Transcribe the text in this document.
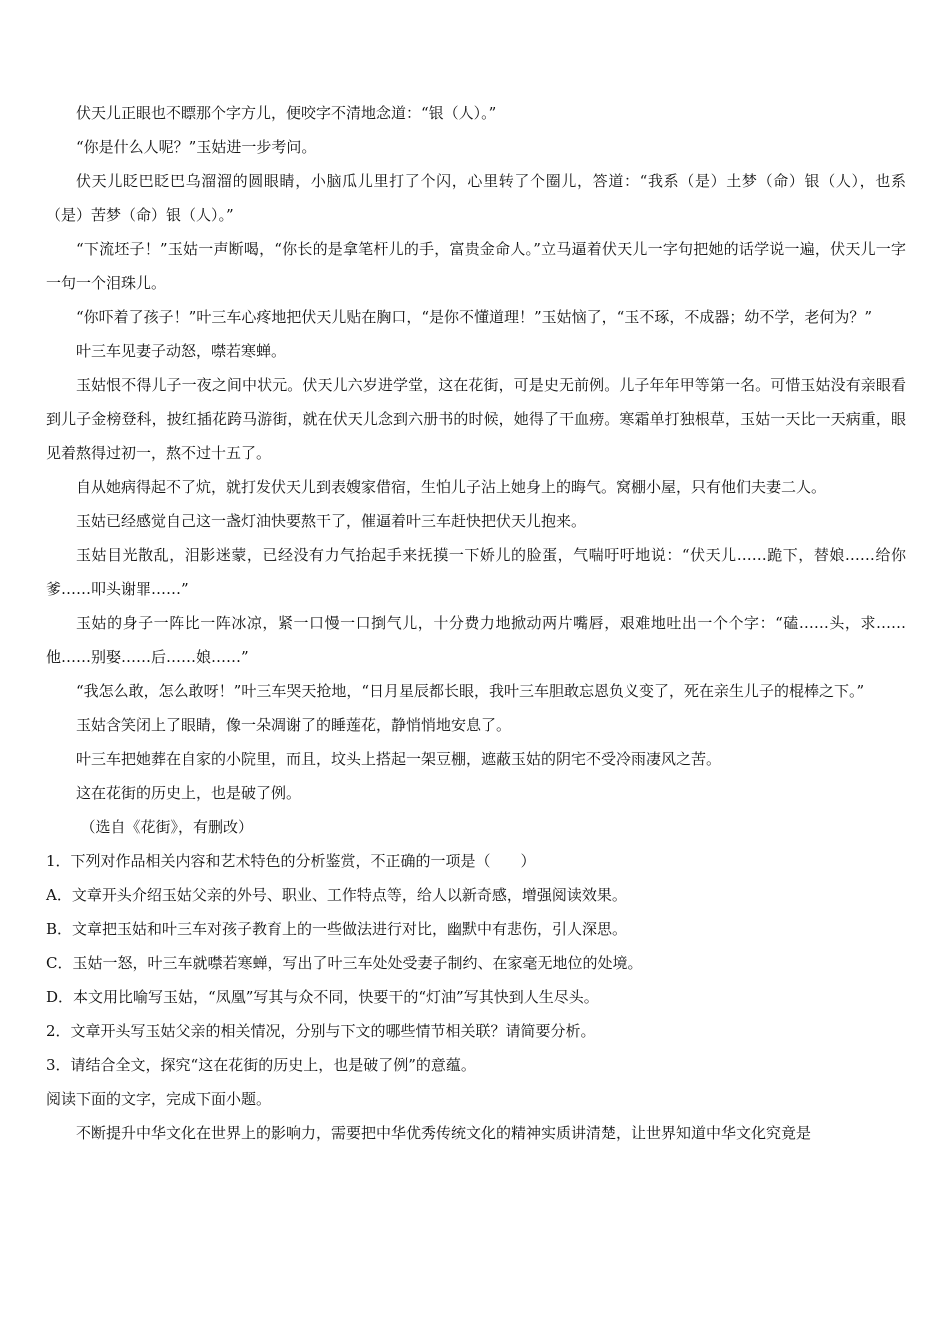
伏天儿正眼也不瞟那个字方儿，便咬字不清地念道：“银（人）。”

“你是什么人呢？”玉姑进一步考问。

伏天儿眨巴眨巴乌溜溜的圆眼睛，小脑瓜儿里打了个闪，心里转了个圈儿，答道：“我系（是）土梦（命）银（人），也系（是）苦梦（命）银（人）。”

“下流坯子！”玉姑一声断喝，“你长的是拿笔杆儿的手，富贵金命人。”立马逼着伏天儿一字句把她的话学说一遍，伏天儿一字一句一个泪珠儿。

“你吓着了孩子！”叶三车心疼地把伏天儿贴在胸口，“是你不懂道理！”玉姑恼了，“玉不琢，不成器；幼不学，老何为？”

叶三车见妻子动怒，噤若寒蝉。

玉姑恨不得儿子一夜之间中状元。伏天儿六岁进学堂，这在花街，可是史无前例。儿子年年甲等第一名。可惜玉姑没有亲眼看到儿子金榜登科，披红插花跨马游街，就在伏天儿念到六册书的时候，她得了干血痨。寒霜单打独根草，玉姑一天比一天病重，眼见着熬得过初一，熬不过十五了。

自从她病得起不了炕，就打发伏天儿到表嫂家借宿，生怕儿子沾上她身上的晦气。窝棚小屋，只有他们夫妻二人。

玉姑已经感觉自己这一盏灯油快要熬干了，催逼着叶三车赶快把伏天儿抱来。

玉姑目光散乱，泪影迷蒙，已经没有力气抬起手来抚摸一下娇儿的脸蛋，气喘吁吁地说：“伏天儿……跪下，替娘……给你爹……叩头谢罪……”

玉姑的身子一阵比一阵冰凉，紧一口慢一口捯气儿，十分费力地掀动两片嘴唇，艰难地吐出一个个字：“磕……头，求……他……别娶……后……娘……”

“我怎么敢，怎么敢呀！”叶三车哭天抢地，“日月星辰都长眼，我叶三车胆敢忘恩负义变了，死在亲生儿子的棍棒之下。”

玉姑含笑闭上了眼睛，像一朵凋谢了的睡莲花，静悄悄地安息了。

叶三车把她葬在自家的小院里，而且，坟头上搭起一架豆棚，遮蔽玉姑的阴宅不受冷雨凄风之苦。

这在花街的历史上，也是破了例。

（选自《花街》，有删改）

1．下列对作品相关内容和艺术特色的分析鉴赏，不正确的一项是（　　）

A．文章开头介绍玉姑父亲的外号、职业、工作特点等，给人以新奇感，增强阅读效果。

B．文章把玉姑和叶三车对孩子教育上的一些做法进行对比，幽默中有悲伤，引人深思。

C．玉姑一怒，叶三车就噤若寒蝉，写出了叶三车处处受妻子制约、在家毫无地位的处境。

D．本文用比喻写玉姑，“凤凰”写其与众不同，快要干的“灯油”写其快到人生尽头。

2．文章开头写玉姑父亲的相关情况，分别与下文的哪些情节相关联？请简要分析。

3．请结合全文，探究“这在花街的历史上，也是破了例”的意蕴。

阅读下面的文字，完成下面小题。

不断提升中华文化在世界上的影响力，需要把中华优秀传统文化的精神实质讲清楚，让世界知道中华文化究竟是
